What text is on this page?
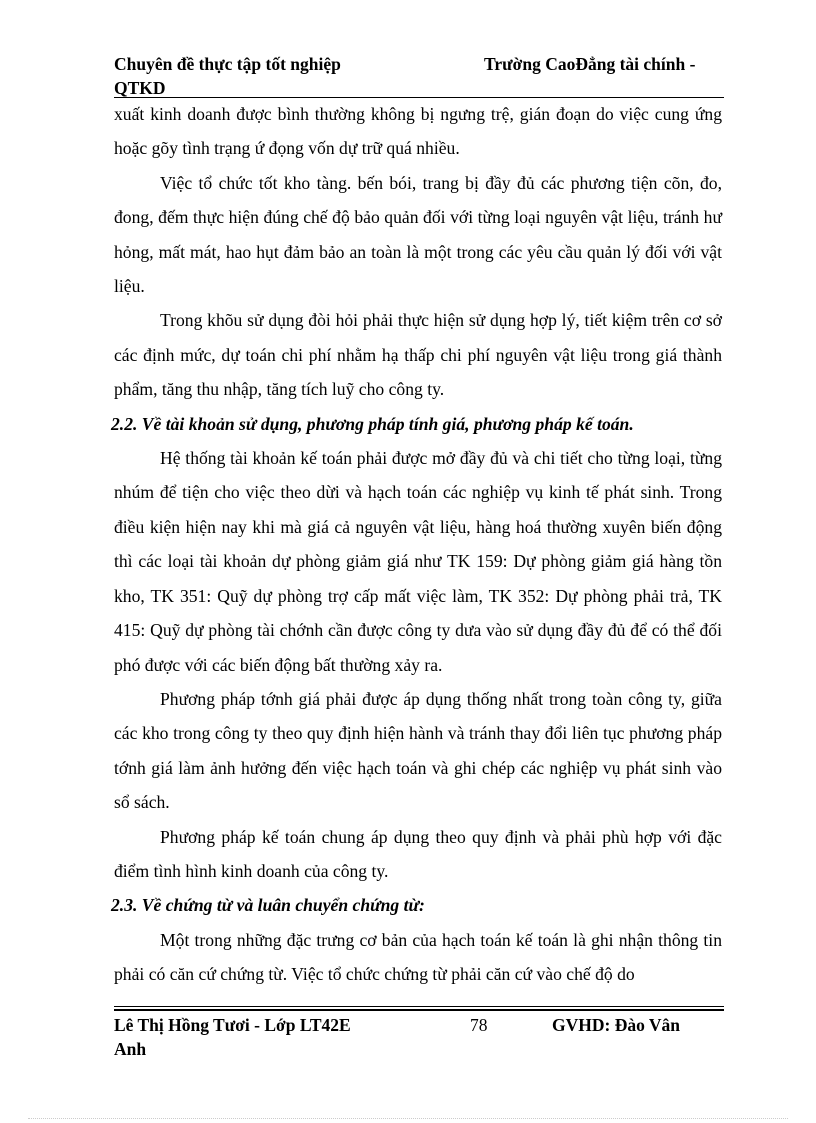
Chuyên đề thực tập tốt nghiệp	Trường CaoĐẳng tài chính -
QTKD

xuất kinh doanh được bình thường không bị ngưng trệ, gián đoạn do việc cung ứng hoặc gõy tình trạng ứ đọng vốn dự trữ quá nhiều.

Việc tổ chức tốt kho tàng. bến bói, trang bị đầy đủ các phương tiện cõn, đo, đong, đếm thực hiện đúng chế độ bảo quản đối với từng loại nguyên vật liệu, tránh hư hỏng, mất mát, hao hụt đảm bảo an toàn là một trong các yêu cầu quản lý đối với vật liệu.

Trong khõu sử dụng đòi hỏi phải thực hiện sử dụng hợp lý, tiết kiệm trên cơ sở các định mức, dự toán chi phí nhằm hạ thấp chi phí nguyên vật liệu trong giá thành phẩm, tăng thu nhập, tăng tích luỹ cho công ty.

2.2. Về tài khoản sử dụng, phương pháp tính giá, phương pháp kế toán.

Hệ thống tài khoản kế toán phải được mở đầy đủ và chi tiết cho từng loại, từng nhúm để tiện cho việc theo dừi và hạch toán các nghiệp vụ kinh tế phát sinh. Trong điều kiện hiện nay khi mà giá cả nguyên vật liệu, hàng hoá thường xuyên biến động thì các loại tài khoản dự phòng giảm giá như TK 159: Dự phòng giảm giá hàng tồn kho, TK 351: Quỹ dự phòng trợ cấp mất việc làm, TK 352: Dự phòng phải trả, TK 415: Quỹ dự phòng tài chớnh cần được công ty dưa vào sử dụng đầy đủ để có thể đối phó được với các biến động bất thường xảy ra.

Phương pháp tớnh giá phải được áp dụng thống nhất trong toàn công ty, giữa các kho trong công ty theo quy định hiện hành và tránh thay đổi liên tục phương pháp tớnh giá làm ảnh hưởng đến việc hạch toán và ghi chép các nghiệp vụ phát sinh vào sổ sách.

Phương pháp kế toán chung áp dụng theo quy định và phải phù hợp với đặc điểm tình hình kinh doanh của công ty.

2.3. Về chứng từ và luân chuyển chứng từ:

Một trong những đặc trưng cơ bản của hạch toán kế toán là ghi nhận thông tin phải có căn cứ chứng từ. Việc tổ chức chứng từ phải căn cứ vào chế độ do

Lê Thị Hồng Tươi - Lớp LT42E	78	GVHD: Đào Vân
Anh
